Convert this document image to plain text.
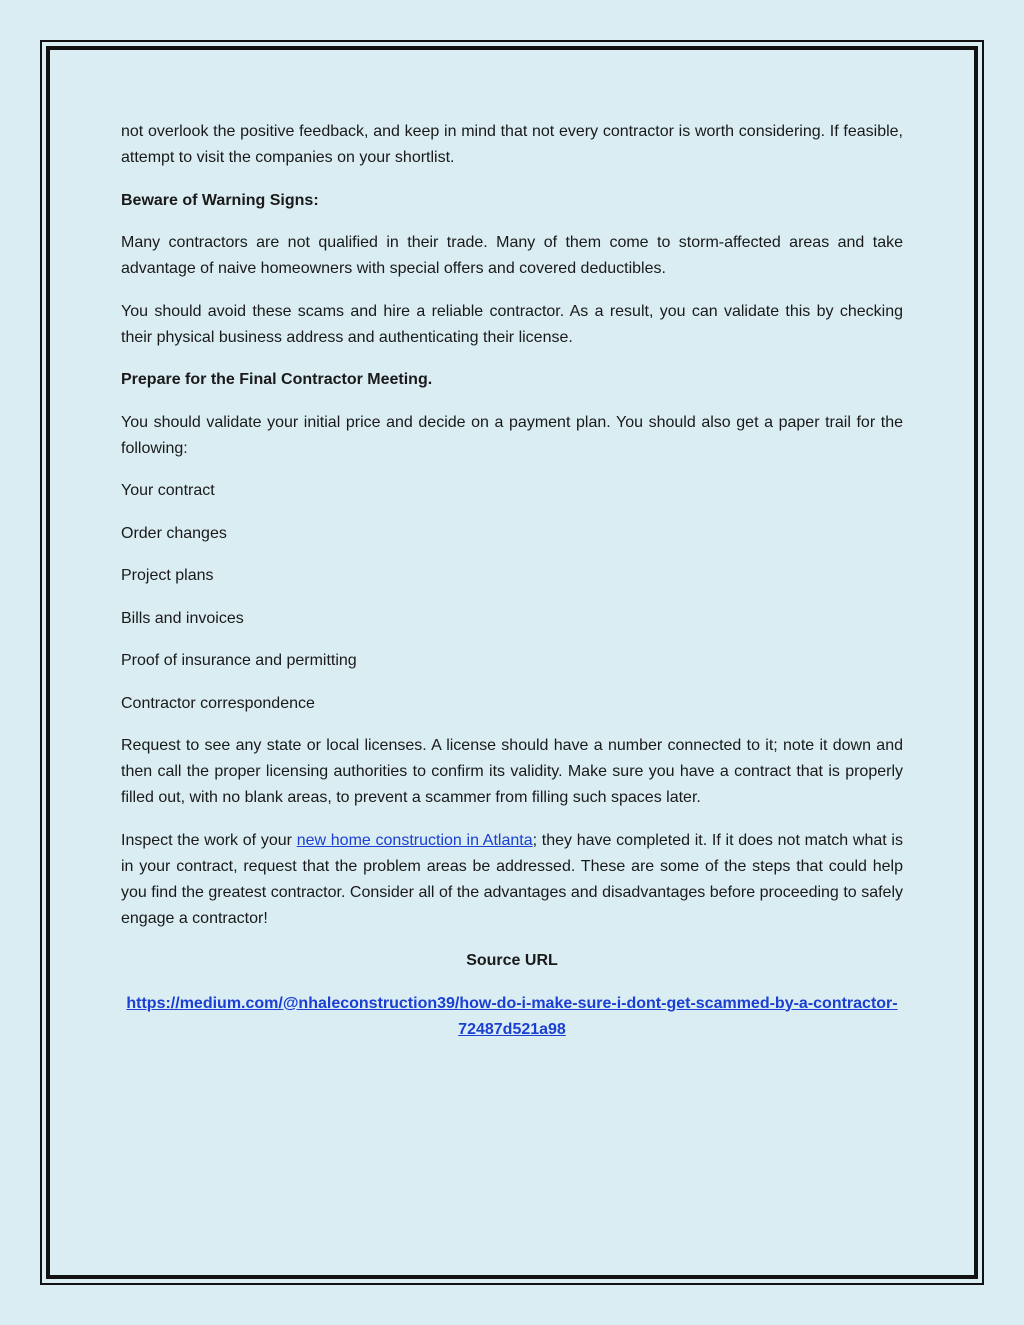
not overlook the positive feedback, and keep in mind that not every contractor is worth considering. If feasible, attempt to visit the companies on your shortlist.

Beware of Warning Signs:

Many contractors are not qualified in their trade. Many of them come to storm-affected areas and take advantage of naive homeowners with special offers and covered deductibles.

You should avoid these scams and hire a reliable contractor. As a result, you can validate this by checking their physical business address and authenticating their license.

Prepare for the Final Contractor Meeting.

You should validate your initial price and decide on a payment plan. You should also get a paper trail for the following:

Your contract

Order changes

Project plans

Bills and invoices

Proof of insurance and permitting

Contractor correspondence

Request to see any state or local licenses. A license should have a number connected to it; note it down and then call the proper licensing authorities to confirm its validity. Make sure you have a contract that is properly filled out, with no blank areas, to prevent a scammer from filling such spaces later.

Inspect the work of your new home construction in Atlanta; they have completed it. If it does not match what is in your contract, request that the problem areas be addressed. These are some of the steps that could help you find the greatest contractor. Consider all of the advantages and disadvantages before proceeding to safely engage a contractor!

Source URL

https://medium.com/@nhaleconstruction39/how-do-i-make-sure-i-dont-get-scammed-by-a-contractor-72487d521a98
